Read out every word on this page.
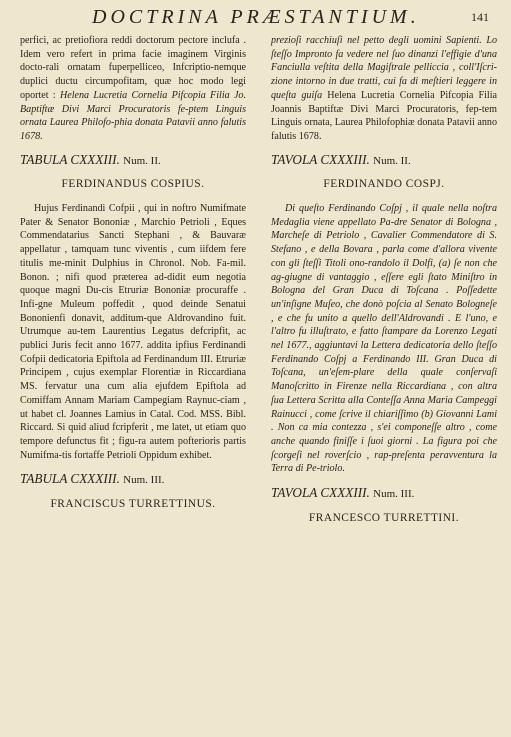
DOCTRINA PRÆSTANTIUM.	141

perfici, ac pretiofiora reddi doctorum pectore inclufa . Idem vero refert in prima facie imaginem Virginis docto-rali ornatam fuperpelliceo, Infcriptio-nemque duplici ductu circumpofitam, quæ hoc modo legi oportet : Helena Lucretia Cornelia Pifcopia Filia Jo. Baptiftæ Divi Marci Procuratoris fe-ptem Linguis ornata Laurea Philofo-phia donata Patavii anno falutis 1678.

TABULA CXXXIII. Num. II.
FERDINANDUS COSPIUS.

Hujus Ferdinandi Cofpii , qui in noftro Numifmate Pater & Senator Bononiæ , Marchio Petrioli , Eques Commendatarius Sancti Stephani , & Bauvaræ appellatur , tamquam tunc viventis , cum iifdem fere titulis me-minit Dulphius in Chronol. Nob. Fa-mil. Bonon. ; nifi quod præterea ad-didit eum negotia quoque magni Du-cis Etruriæ Bononiæ procuraffe . Infi-gne Muleum poffedit , quod deinde Senatui Bononienfi donavit, additum-que Aldrovandino fuit. Utrumque au-tem Laurentius Legatus defcripfit, ac publici Juris fecit anno 1677. addita ipfius Ferdinandi Cofpii dedicatoria Epiftola ad Ferdinandum III. Etruriæ Principem , cujus exemplar Florentiæ in Riccardiana MS. fervatur una cum alia ejufdem Epiftola ad Comiffam Annam Mariam Campegiam Raynuc-ciam , ut habet cl. Joannes Lamius in Catal. Cod. MSS. Bibl. Riccard. Si quid aliud fcripferit , me latet, ut etiam quo tempore defunctus fit ; figu-ra autem pofterioris partis Numifma-tis fortaffe Petrioli Oppidum exhibet.

TABULA CXXXIII. Num. III.
FRANCISCUS TURRETTINUS.

prezioſi racchiuſi nel petto degli uomini Sapienti. Lo ſteſſo Impronto fa vedere nel ſuo dinanzi l'effigie d'una Fanciulla veſtita della Magiſtrale pelliccia , coll'Iſcri-zione intorno in due tratti, cui fa di meſtieri leggere in queſta guiſa Helena Lucretia Cornelia Pifcopia Filia Joannis Baptiftæ Divi Marci Procuratoris, fep-tem Linguis ornata, Laurea Philofophiæ donata Patavii anno falutis 1678.

TAVOLA CXXXIII. Num. II.
FERDINANDO COSPJ.

Di queſto Ferdinando Coſpj , il quale nella noſtra Medaglia viene appellato Pa-dre Senator di Bologna , Marcheſe di Petriolo , Cavalier Commendatore di S. Stefano , e della Bovara , parla come d'allora vivente con gli ſteſſi Titoli ono-randolo il Dolfi, (a) ſe non che ag-giugne di vantaggio , eſſere egli ſtato Miniſtro in Bologna del Gran Duca di Toſcana . Poſſedette un'inſigne Muſeo, che donò poſcia al Senato Bologneſe , e che fu unito a quello dell'Aldrovandi . E l'uno, e l'altro fu illuſtrato, e fatto ſtampare da Lorenzo Legati nel 1677., aggiuntavi la Lettera dedicatoria dello ſteſſo Ferdinando Coſpj a Ferdinando III. Gran Duca di Toſcana, un'eſem-plare della quale conſervaſi Manoſcritto in Firenze nella Riccardiana , con altra ſua Lettera Scritta alla Conteſſa Anna Maria Campeggi Rainucci , come ſcrive il chiariſſimo (b) Giovanni Lami . Non ca mia contezza , s'ei componeſſe altro , come anche quando finiſſe i ſuoi giorni . La figura poi che ſcorgeſi nel roverſcio , rap-preſenta peravventura la Terra di Pe-triolo.

TAVOLA CXXXIII. Num. III.
FRANCESCO TURRETTINI.
